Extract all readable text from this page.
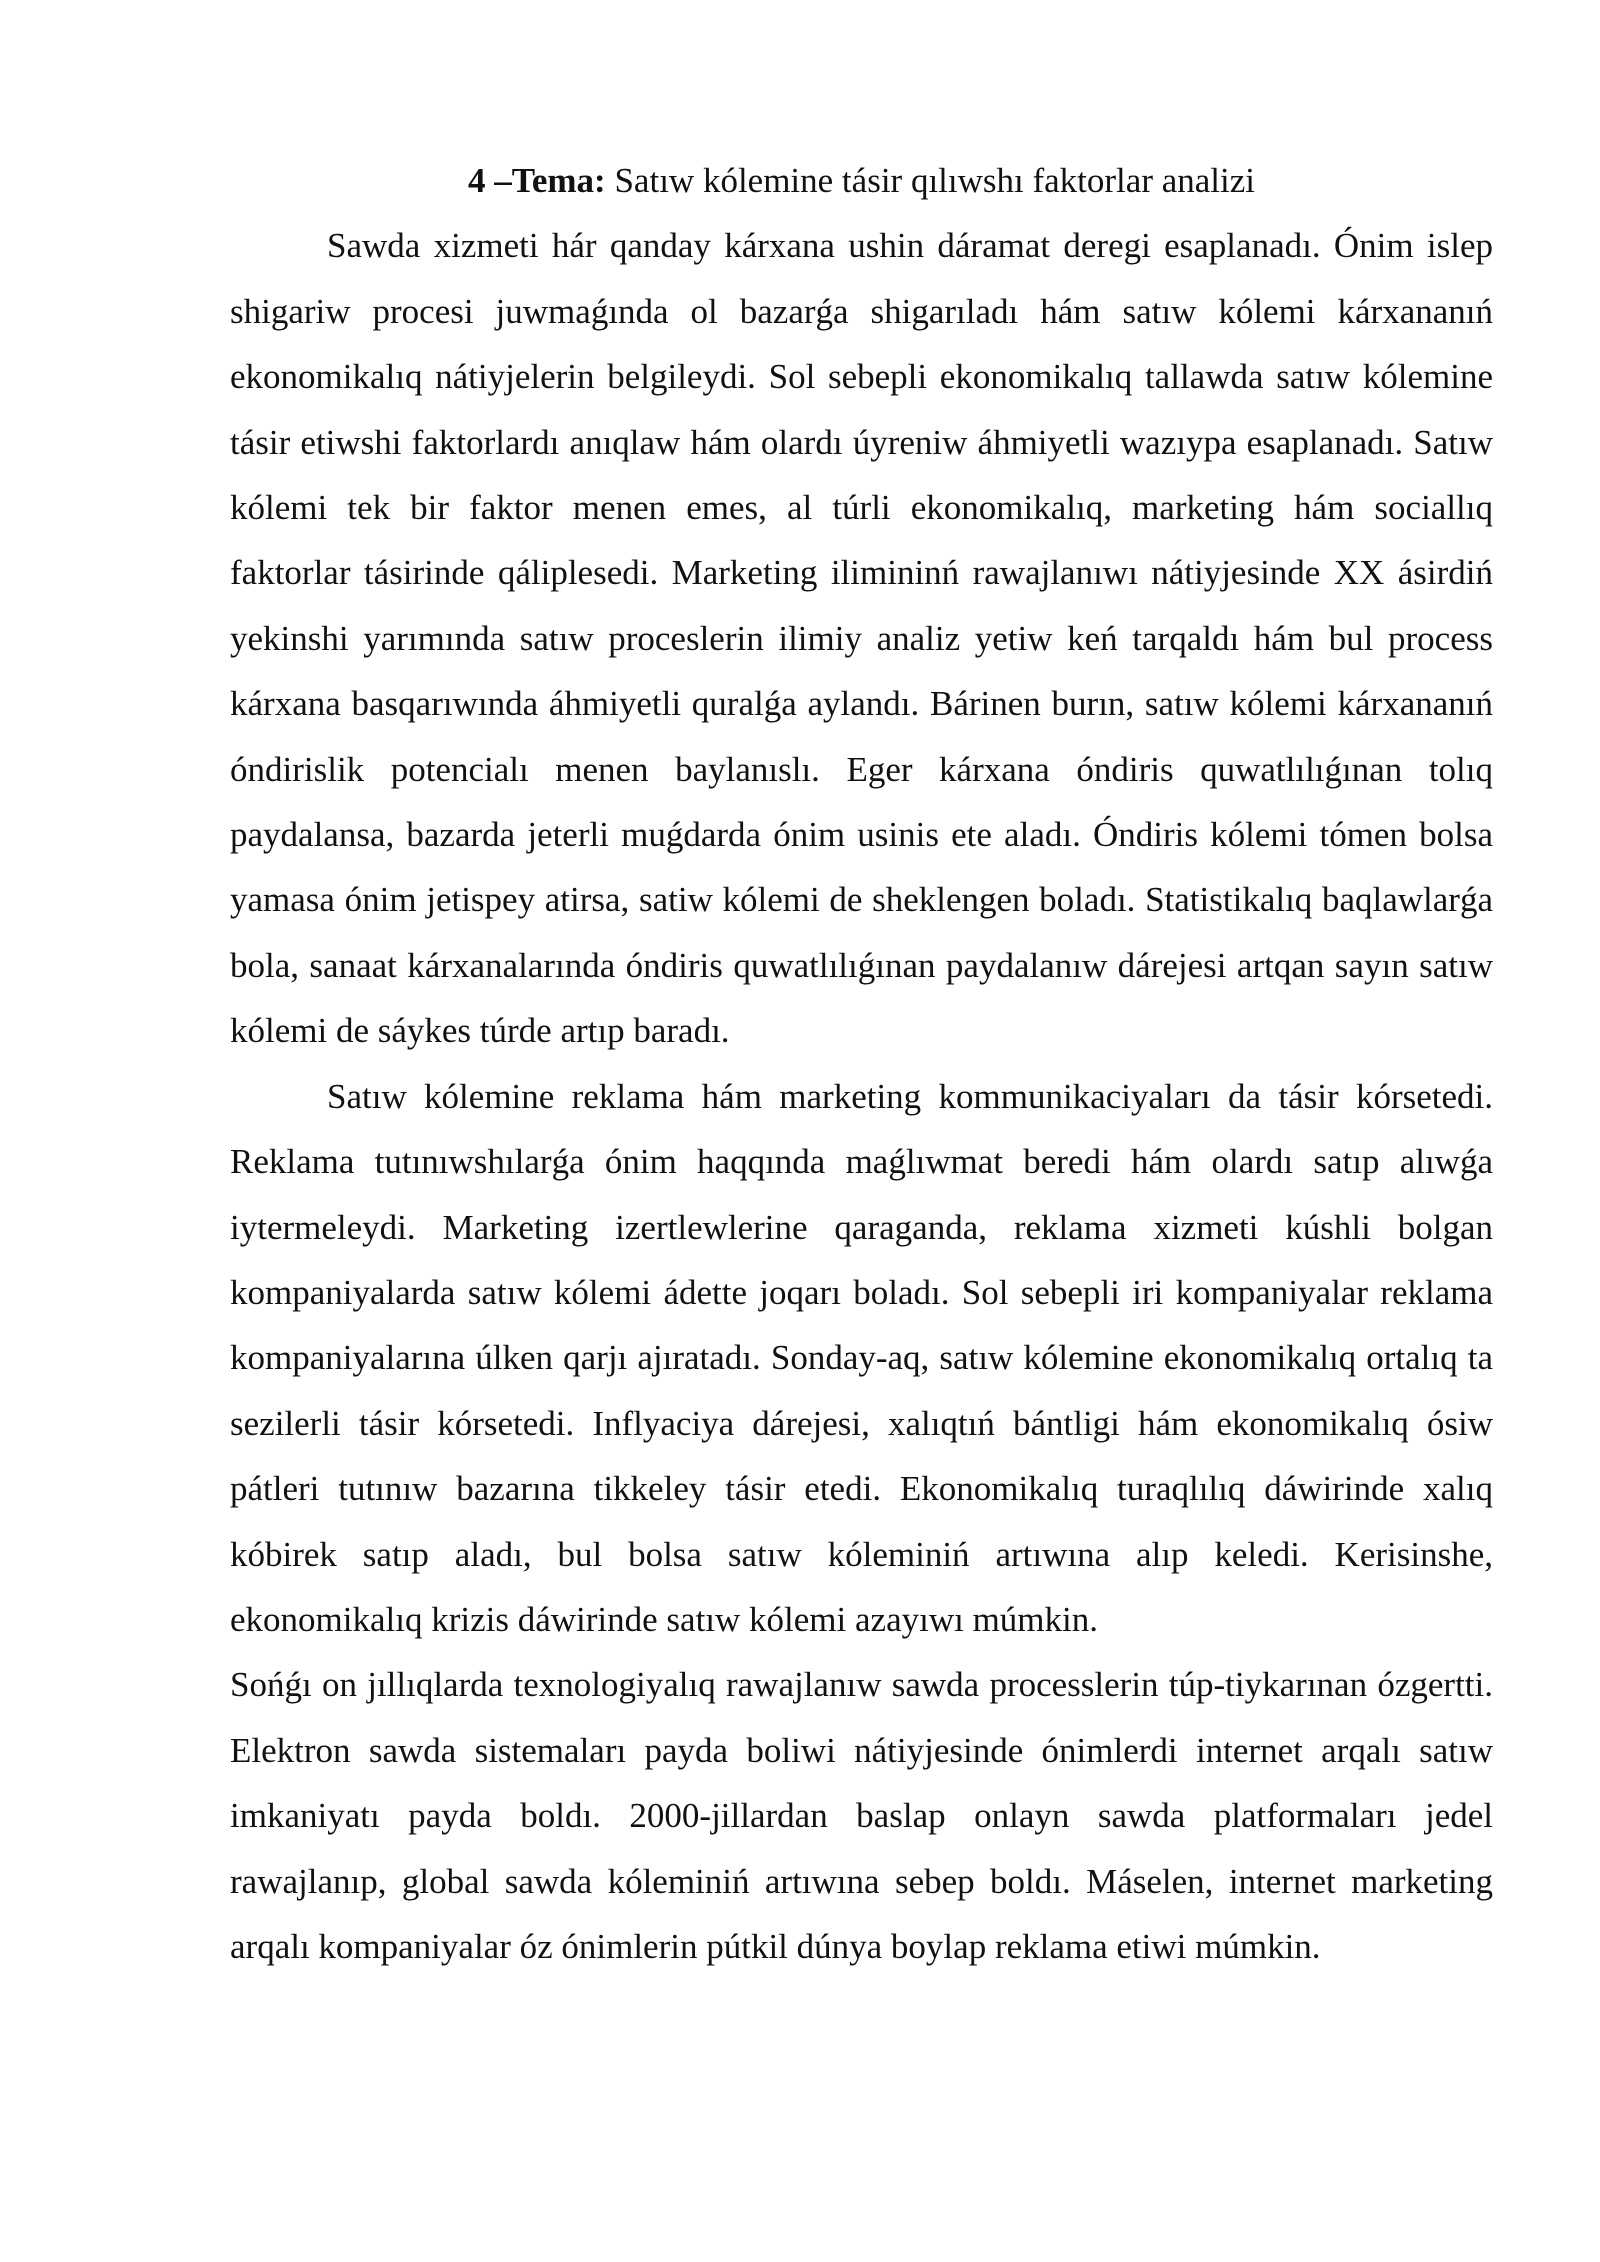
4 –Tema: Satıw kólemine tásir qılıwshı faktorlar analizi

Sawda xizmeti hár qanday kárxana ushin dáramat deregi esaplanadı. Ónim islep shigariw procesi juwmaǵında ol bazarǵa shigarıladı hám satıw kólemi kárxananıń ekonomikalıq nátiyjelerin belgileydi. Sol sebepli ekonomikalıq tallawda satıw kólemine tásir etiwshi faktorlardı anıqlaw hám olardı úyreniw áhmiyetli wazıypa esaplanadı. Satıw kólemi tek bir faktor menen emes, al túrli ekonomikalıq, marketing hám sociallıq faktorlar tásirinde qáliplesedi. Marketing ilimininń rawajlanıwı nátiyjesinde XX ásirdiń yekinshi yarımında satıw proceslerin ilimiy analiz yetiw keń tarqaldı hám bul process kárxana basqarıwında áhmiyetli quralǵa aylandı. Bárinen burın, satıw kólemi kárxananıń óndirislik potencialı menen baylanıslı. Eger kárxana óndiris quwatlılıǵınan tolıq paydalansa, bazarda jeterli muǵdarda ónim usinis ete aladı. Óndiris kólemi tómen bolsa yamasa ónim jetispey atirsa, satiw kólemi de sheklengen boladı. Statistikalıq baqlawlarǵa bola, sanaat kárxanalarında óndiris quwatlılıǵınan paydalanıw dárejesi artqan sayın satıw kólemi de sáykes túrde artıp baradı.

Satıw kólemine reklama hám marketing kommunikaciyaları da tásir kórsetedi. Reklama tutınıwshılarǵa ónim haqqında maǵlıwmat beredi hám olardı satıp alıwǵa iytermeleydi. Marketing izertlewlerine qaraganda, reklama xizmeti kúshli bolgan kompaniyalarda satıw kólemi ádette joqarı boladı. Sol sebepli iri kompaniyalar reklama kompaniyalarına úlken qarjı ajıratadı. Sonday-aq, satıw kólemine ekonomikalıq ortalıq ta sezilerli tásir kórsetedi. Inflyaciya dárejesi, xalıqtıń bántligi hám ekonomikalıq ósiw pátleri tutınıw bazarına tikkeley tásir etedi. Ekonomikalıq turaqlılıq dáwirinde xalıq kóbirek satıp aladı, bul bolsa satıw kóleminiń artıwına alıp keledi. Kerisinshe, ekonomikalıq krizis dáwirinde satıw kólemi azayıwı múmkin.

Sońǵı on jıllıqlarda texnologiyalıq rawajlanıw sawda processlerin túp-tiykarınan ózgertti. Elektron sawda sistemaları payda boliwi nátiyjesinde ónimlerdi internet arqalı satıw imkaniyatı payda boldı. 2000-jillardan baslap onlayn sawda platformaları jedel rawajlanıp, global sawda kóleminiń artıwına sebep boldı. Máselen, internet marketing arqalı kompaniyalar óz ónimlerin pútkil dúnya boylap reklama etiwi múmkin.
